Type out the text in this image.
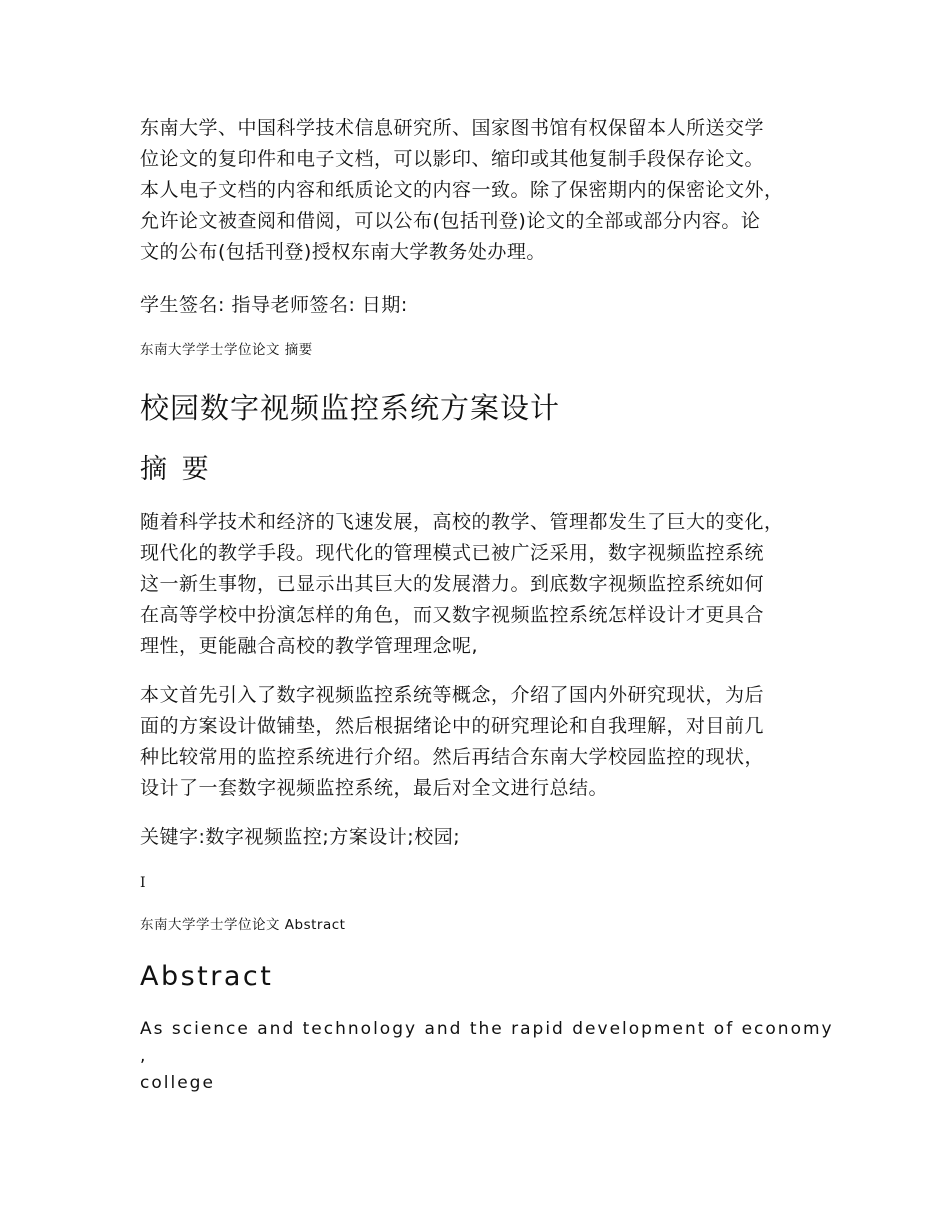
东南大学、中国科学技术信息研究所、国家图书馆有权保留本人所送交学
位论文的复印件和电子文档，可以影印、缩印或其他复制手段保存论文。
本人电子文档的内容和纸质论文的内容一致。除了保密期内的保密论文外，
允许论文被查阅和借阅，可以公布(包括刊登)论文的全部或部分内容。论
文的公布(包括刊登)授权东南大学教务处办理。
学生签名: 指导老师签名: 日期:
东南大学学士学位论文 摘要
校园数字视频监控系统方案设计
摘 要
随着科学技术和经济的飞速发展，高校的教学、管理都发生了巨大的变化，
现代化的教学手段。现代化的管理模式已被广泛采用，数字视频监控系统
这一新生事物，已显示出其巨大的发展潜力。到底数字视频监控系统如何
在高等学校中扮演怎样的角色，而又数字视频监控系统怎样设计才更具合
理性，更能融合高校的教学管理理念呢,
本文首先引入了数字视频监控系统等概念，介绍了国内外研究现状，为后
面的方案设计做铺垫，然后根据绪论中的研究理论和自我理解，对目前几
种比较常用的监控系统进行介绍。然后再结合东南大学校园监控的现状，
设计了一套数字视频监控系统，最后对全文进行总结。
关键字:数字视频监控;方案设计;校园;
I
东南大学学士学位论文 Abstract
Abstract
As science and technology and the rapid development of economy ,
college
